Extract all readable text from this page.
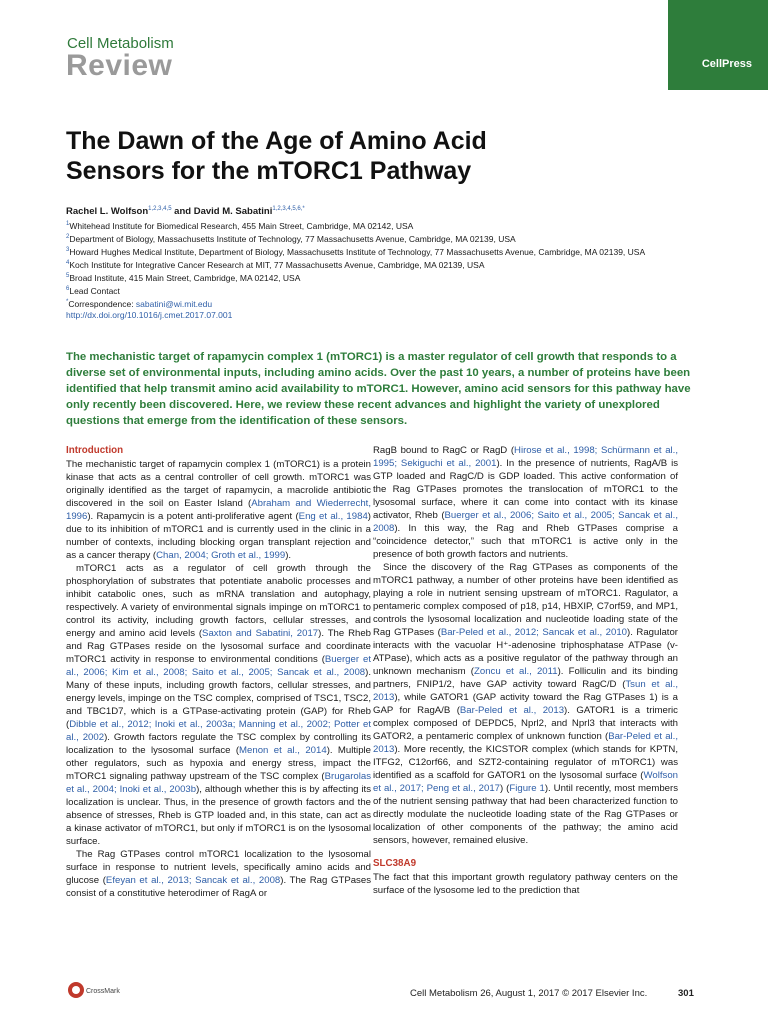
Cell Metabolism
Review	CellPress
The Dawn of the Age of Amino Acid Sensors for the mTORC1 Pathway
Rachel L. Wolfson$^{1,2,3,4,5}$ and David M. Sabatini$^{1,2,3,4,5,6,*}$
$^1$Whitehead Institute for Biomedical Research, 455 Main Street, Cambridge, MA 02142, USA
$^2$Department of Biology, Massachusetts Institute of Technology, 77 Massachusetts Avenue, Cambridge, MA 02139, USA
$^3$Howard Hughes Medical Institute, Department of Biology, Massachusetts Institute of Technology, 77 Massachusetts Avenue, Cambridge, MA 02139, USA
$^4$Koch Institute for Integrative Cancer Research at MIT, 77 Massachusetts Avenue, Cambridge, MA 02139, USA
$^5$Broad Institute, 415 Main Street, Cambridge, MA 02142, USA
$^6$Lead Contact
*Correspondence: sabatini@wi.mit.edu
http://dx.doi.org/10.1016/j.cmet.2017.07.001
The mechanistic target of rapamycin complex 1 (mTORC1) is a master regulator of cell growth that responds to a diverse set of environmental inputs, including amino acids. Over the past 10 years, a number of proteins have been identified that help transmit amino acid availability to mTORC1. However, amino acid sensors for this pathway have only recently been discovered. Here, we review these recent advances and highlight the variety of unexplored questions that emerge from the identification of these sensors.
Introduction

The mechanistic target of rapamycin complex 1 (mTORC1) is a protein kinase that acts as a central controller of cell growth. mTORC1 was originally identified as the target of rapamycin, a macrolide antibiotic discovered in the soil on Easter Island (Abraham and Wiederrecht, 1996). Rapamycin is a potent anti-proliferative agent (Eng et al., 1984) due to its inhibition of mTORC1 and is currently used in the clinic in a number of contexts, including blocking organ transplant rejection and as a cancer therapy (Chan, 2004; Groth et al., 1999).

mTORC1 acts as a regulator of cell growth through the phosphorylation of substrates that potentiate anabolic processes and inhibit catabolic ones, such as mRNA translation and autophagy, respectively. A variety of environmental signals impinge on mTORC1 to control its activity, including growth factors, cellular stresses, and energy and amino acid levels (Saxton and Sabatini, 2017). The Rheb and Rag GTPases reside on the lysosomal surface and coordinate mTORC1 activity in response to environmental conditions (Buerger et al., 2006; Kim et al., 2008; Saito et al., 2005; Sancak et al., 2008). Many of these inputs, including growth factors, cellular stresses, and energy levels, impinge on the TSC complex, comprised of TSC1, TSC2, and TBC1D7, which is a GTPase-activating protein (GAP) for Rheb (Dibble et al., 2012; Inoki et al., 2003a; Manning et al., 2002; Potter et al., 2002). Growth factors regulate the TSC complex by controlling its localization to the lysosomal surface (Menon et al., 2014). Multiple other regulators, such as hypoxia and energy stress, impact the mTORC1 signaling pathway upstream of the TSC complex (Brugarolas et al., 2004; Inoki et al., 2003b), although whether this is by affecting its localization is unclear. Thus, in the presence of growth factors and the absence of stresses, Rheb is GTP loaded and, in this state, can act as a kinase activator of mTORC1, but only if mTORC1 is on the lysosomal surface.

The Rag GTPases control mTORC1 localization to the lysosomal surface in response to nutrient levels, specifically amino acids and glucose (Efeyan et al., 2013; Sancak et al., 2008). The Rag GTPases consist of a constitutive heterodimer of RagA or

RagB bound to RagC or RagD (Hirose et al., 1998; Schürmann et al., 1995; Sekiguchi et al., 2001). In the presence of nutrients, RagA/B is GTP loaded and RagC/D is GDP loaded. This active conformation of the Rag GTPases promotes the translocation of mTORC1 to the lysosomal surface, where it can come into contact with its kinase activator, Rheb (Buerger et al., 2006; Saito et al., 2005; Sancak et al., 2008). In this way, the Rag and Rheb GTPases comprise a “coincidence detector,” such that mTORC1 is active only in the presence of both growth factors and nutrients.

Since the discovery of the Rag GTPases as components of the mTORC1 pathway, a number of other proteins have been identified as playing a role in nutrient sensing upstream of mTORC1. Ragulator, a pentameric complex composed of p18, p14, HBXIP, C7orf59, and MP1, controls the lysosomal localization and nucleotide loading state of the Rag GTPases (Bar-Peled et al., 2012; Sancak et al., 2010). Ragulator interacts with the vacuolar H⁺-adenosine triphosphatase ATPase (v-ATPase), which acts as a positive regulator of the pathway through an unknown mechanism (Zoncu et al., 2011). Folliculin and its binding partners, FNIP1/2, have GAP activity toward RagC/D (Tsun et al., 2013), while GATOR1 (GAP activity toward the Rag GTPases 1) is a GAP for RagA/B (Bar-Peled et al., 2013). GATOR1 is a trimeric complex composed of DEPDC5, Nprl2, and Nprl3 that interacts with GATOR2, a pentameric complex of unknown function (Bar-Peled et al., 2013). More recently, the KICSTOR complex (which stands for KPTN, ITFG2, C12orf66, and SZT2-containing regulator of mTORC1) was identified as a scaffold for GATOR1 on the lysosomal surface (Wolfson et al., 2017; Peng et al., 2017) (Figure 1). Until recently, most members of the nutrient sensing pathway that had been characterized function to directly modulate the nucleotide loading state of the Rag GTPases or localization of other components of the pathway; the amino acid sensors, however, remained elusive.

SLC38A9

The fact that this important growth regulatory pathway centers on the surface of the lysosome led to the prediction that

CrossMark	Cell Metabolism 26, August 1, 2017 © 2017 Elsevier Inc.	301
